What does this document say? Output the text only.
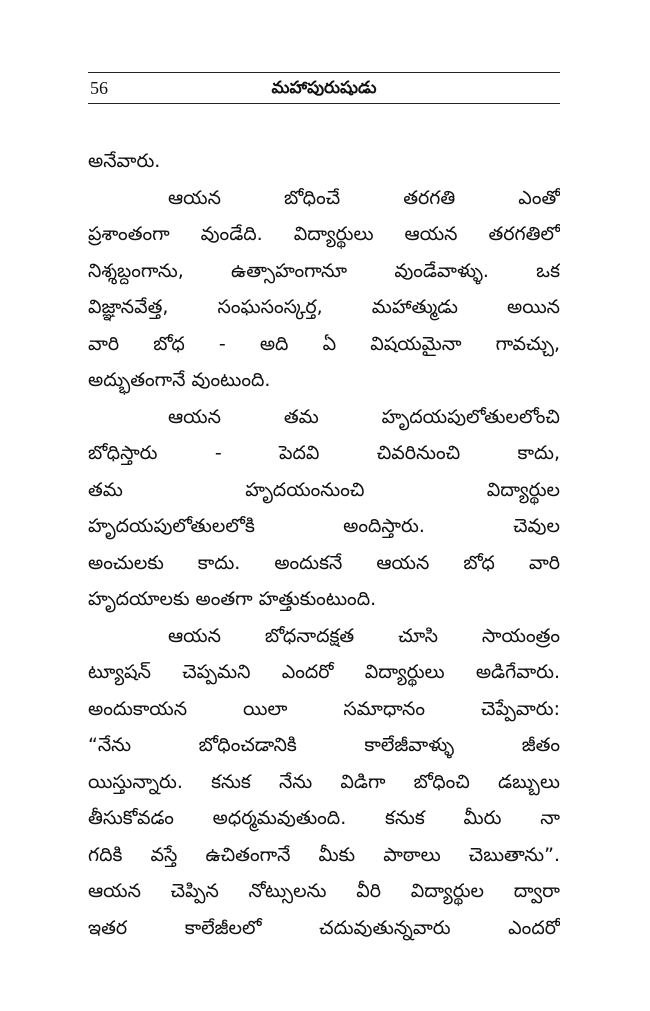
56	మహాపురుషుడు
అనేవారు.
ఆయన బోధించే తరగతి ఎంతో
ప్రశాంతంగా వుండేది. విద్యార్థులు ఆయన తరగతిలో
నిశ్శబ్దంగాను, ఉత్సాహంగానూ వుండేవాళ్ళు. ఒక
విజ్ఞానవేత్త, సంఘసంస్కర్త, మహాత్ముడు అయిన
వారి బోధ - అది ఏ విషయమైనా గావచ్చు,
అద్భుతంగానే వుంటుంది.
ఆయన తమ హృదయపులోతులలోంచి
బోధిస్తారు - పెదవి చివరినుంచి కాదు,
తమ హృదయంనుంచి విద్యార్థుల
హృదయపులోతులలోకి అందిస్తారు. చెవుల
అంచులకు కాదు. అందుకనే ఆయన బోధ వారి
హృదయాలకు అంతగా హత్తుకుంటుంది.
ఆయన బోధనాదక్షత చూసి సాయంత్రం
ట్యూషన్ చెప్పమని ఎందరో విద్యార్థులు అడిగేవారు.
అందుకాయన యిలా సమాధానం చెప్పేవారు:
“నేను బోధించడానికి కాలేజీవాళ్ళు జీతం
యిస్తున్నారు. కనుక నేను విడిగా బోధించి డబ్బులు
తీసుకోవడం అధర్మమవుతుంది. కనుక మీరు నా
గదికి వస్తే ఉచితంగానే మీకు పాఠాలు చెబుతాను”.
ఆయన చెప్పిన నోట్సులను వీరి విద్యార్థుల ద్వారా
ఇతర కాలేజీలలో చదువుతున్నవారు ఎందరో
